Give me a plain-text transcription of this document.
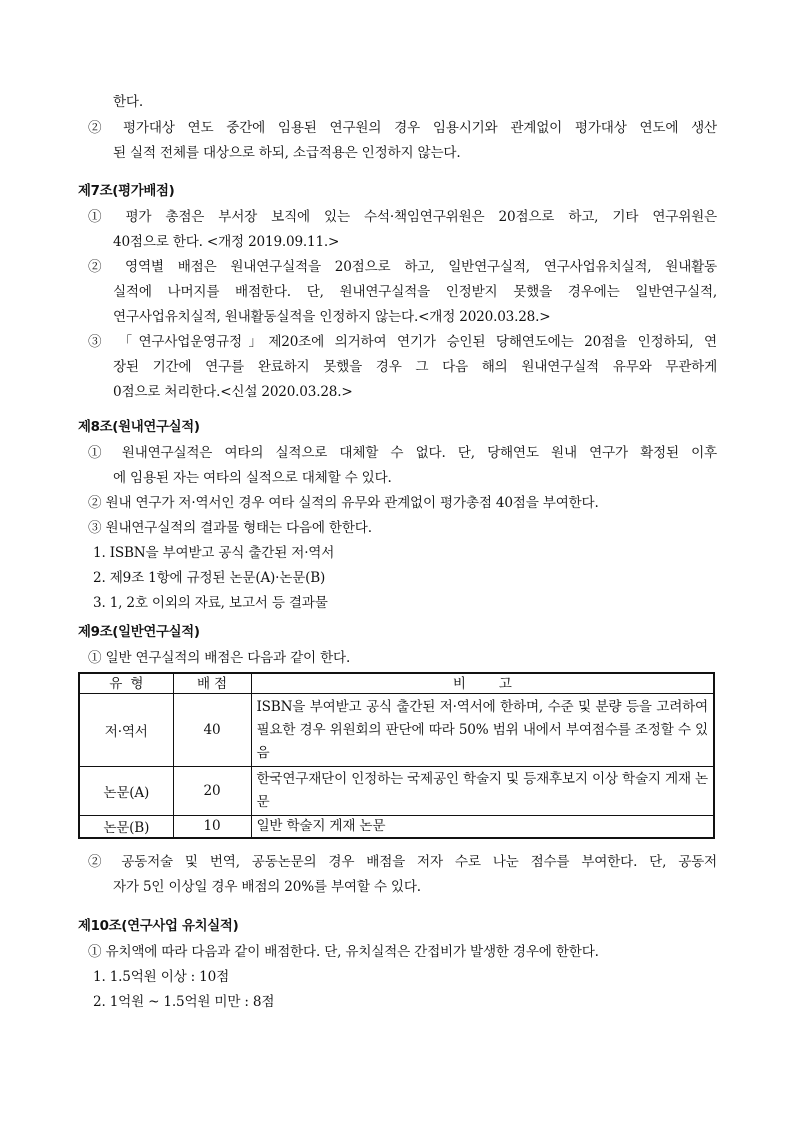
한다.
② 평가대상 연도 중간에 임용된 연구원의 경우 임용시기와 관계없이 평가대상 연도에 생산
된 실적 전체를 대상으로 하되, 소급적용은 인정하지 않는다.
제7조(평가배점)
① 평가 총점은 부서장 보직에 있는 수석·책임연구위원은 20점으로 하고, 기타 연구위원은
40점으로 한다. <개정 2019.09.11.>
② 영역별 배점은 원내연구실적을 20점으로 하고, 일반연구실적, 연구사업유치실적, 원내활동
실적에 나머지를 배점한다. 단, 원내연구실적을 인정받지 못했을 경우에는 일반연구실적,
연구사업유치실적, 원내활동실적을 인정하지 않는다.<개정 2020.03.28.>
③ 「연구사업운영규정」제20조에 의거하여 연기가 승인된 당해연도에는 20점을 인정하되, 연
장된 기간에 연구를 완료하지 못했을 경우 그 다음 해의 원내연구실적 유무와 무관하게
0점으로 처리한다.<신설 2020.03.28.>
제8조(원내연구실적)
① 원내연구실적은 여타의 실적으로 대체할 수 없다. 단, 당해연도 원내 연구가 확정된 이후
에 임용된 자는 여타의 실적으로 대체할 수 있다.
② 원내 연구가 저·역서인 경우 여타 실적의 유무와 관계없이 평가총점 40점을 부여한다.
③ 원내연구실적의 결과물 형태는 다음에 한한다.
1. ISBN을 부여받고 공식 출간된 저·역서
2. 제9조 1항에 규정된 논문(A)·논문(B)
3. 1, 2호 이외의 자료, 보고서 등 결과물
제9조(일반연구실적)
① 일반 연구실적의 배점은 다음과 같이 한다.
유  형	배 점	비        고
저·역서	40	ISBN을 부여받고 공식 출간된 저·역서에 한하며, 수준 및 분량 등을 고려하여 필요한 경우 위원회의 판단에 따라 50% 범위 내에서 부여점수를 조정할 수 있음
논문(A)	20	한국연구재단이 인정하는 국제공인 학술지 및 등재후보지 이상 학술지 게재 논문
논문(B)	10	일반 학술지 게재 논문
② 공동저술 및 번역, 공동논문의 경우 배점을 저자 수로 나눈 점수를 부여한다. 단, 공동저
자가 5인 이상일 경우 배점의 20%를 부여할 수 있다.
제10조(연구사업 유치실적)
① 유치액에 따라 다음과 같이 배점한다. 단, 유치실적은 간접비가 발생한 경우에 한한다.
1. 1.5억원 이상 : 10점
2. 1억원 ~ 1.5억원 미만 : 8점
